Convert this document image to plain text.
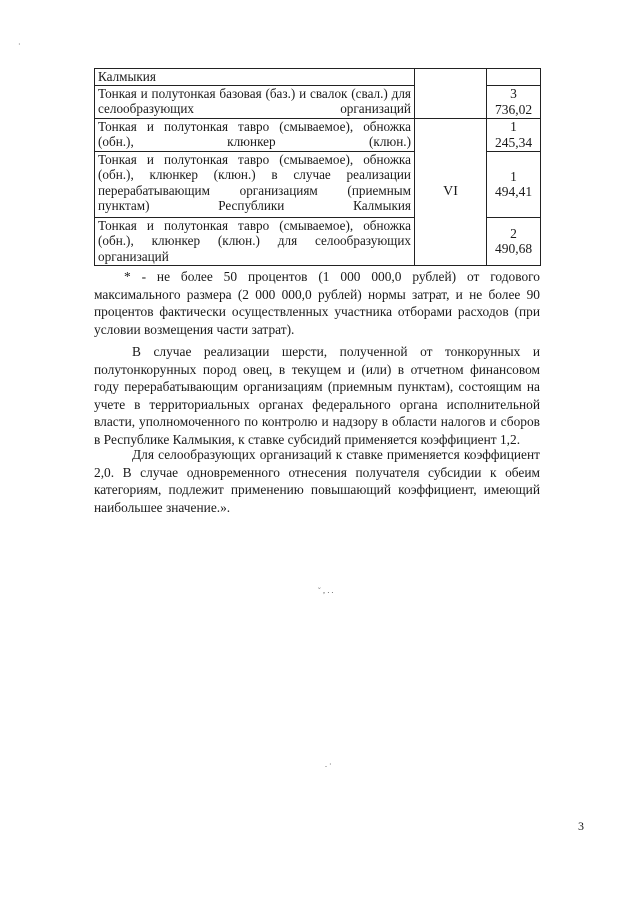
Калмыкия		
Тонкая и полутонкая базовая (баз.) и свалок (свал.) для селообразующих организаций		3 736,02
Тонкая и полутонкая тавро (смываемое), обножка (обн.), клюнкер (клюн.)	VI	1 245,34
Тонкая и полутонкая тавро (смываемое), обножка (обн.), клюнкер (клюн.) в случае реализации перерабатывающим организациям (приемным пунктам) Республики Калмыкия		1 494,41
Тонкая и полутонкая тавро (смываемое), обножка (обн.), клюнкер (клюн.) для селообразующих организаций		2 490,68

* - не более 50 процентов (1 000 000,0 рублей) от годового максимального размера (2 000 000,0 рублей) нормы затрат, и не более 90 процентов фактически осуществленных участника отборами расходов (при условии возмещения части затрат).

В случае реализации шерсти, полученной от тонкорунных и полутонкорунных пород овец, в текущем и (или) в отчетном финансовом году перерабатывающим организациям (приемным пунктам), состоящим на учете в территориальных органах федерального органа исполнительной власти, уполномоченного по контролю и надзору в области налогов и сборов в Республике Калмыкия, к ставке субсидий применяется коэффициент 1,2.

Для селообразующих организаций к ставке применяется коэффициент 2,0. В случае одновременного отнесения получателя субсидии к обеим категориям, подлежит применению повышающий коэффициент, имеющий наибольшее значение.».

·
˘ ‚ . .
. ·
3
